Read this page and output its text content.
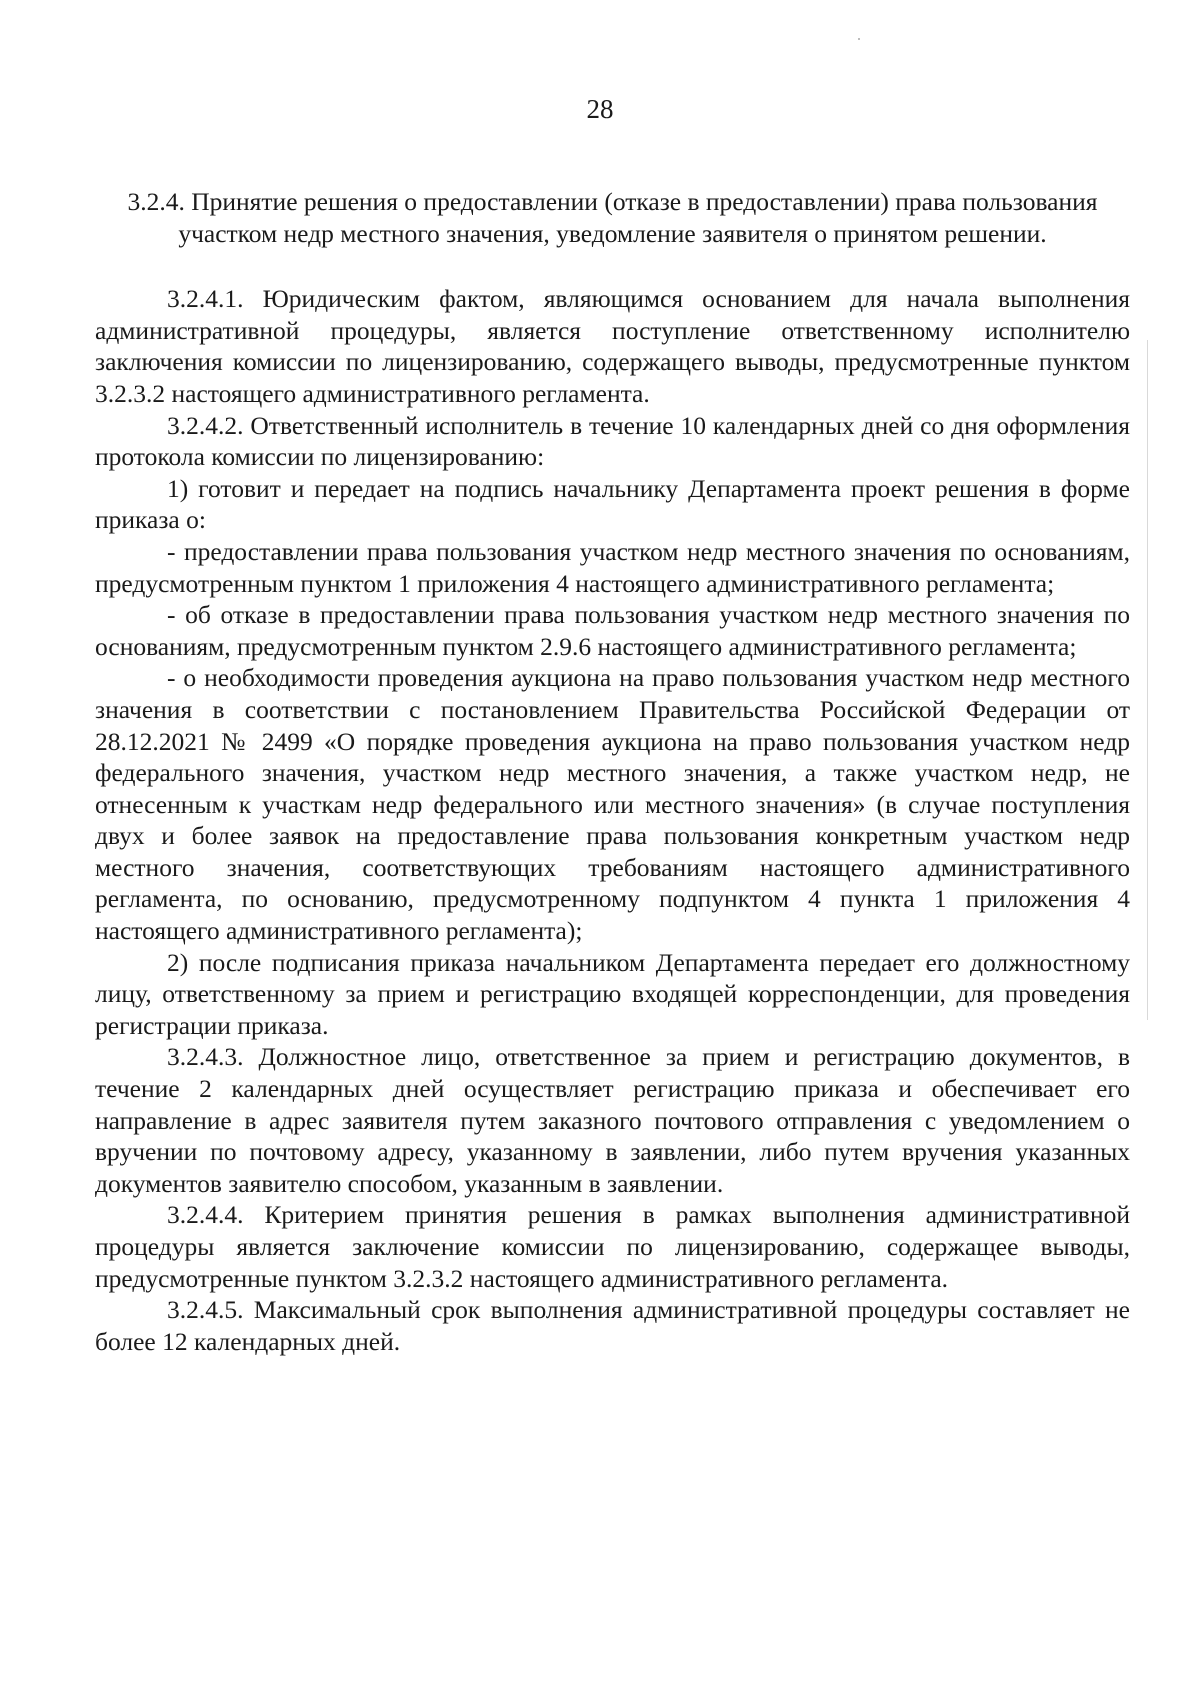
28

3.2.4. Принятие решения о предоставлении (отказе в предоставлении) права пользования участком недр местного значения, уведомление заявителя о принятом решении.

3.2.4.1. Юридическим фактом, являющимся основанием для начала выполнения административной процедуры, является поступление ответственному исполнителю заключения комиссии по лицензированию, содержащего выводы, предусмотренные пунктом 3.2.3.2 настоящего административного регламента.

3.2.4.2. Ответственный исполнитель в течение 10 календарных дней со дня оформления протокола комиссии по лицензированию:

1) готовит и передает на подпись начальнику Департамента проект решения в форме приказа о:

- предоставлении права пользования участком недр местного значения по основаниям, предусмотренным пунктом 1 приложения 4 настоящего административного регламента;

- об отказе в предоставлении права пользования участком недр местного значения по основаниям, предусмотренным пунктом 2.9.6 настоящего административного регламента;

- о необходимости проведения аукциона на право пользования участком недр местного значения в соответствии с постановлением Правительства Российской Федерации от 28.12.2021 № 2499 «О порядке проведения аукциона на право пользования участком недр федерального значения, участком недр местного значения, а также участком недр, не отнесенным к участкам недр федерального или местного значения» (в случае поступления двух и более заявок на предоставление права пользования конкретным участком недр местного значения, соответствующих требованиям настоящего административного регламента, по основанию, предусмотренному подпунктом 4 пункта 1 приложения 4 настоящего административного регламента);

2) после подписания приказа начальником Департамента передает его должностному лицу, ответственному за прием и регистрацию входящей корреспонденции, для проведения регистрации приказа.

3.2.4.3. Должностное лицо, ответственное за прием и регистрацию документов, в течение 2 календарных дней осуществляет регистрацию приказа и обеспечивает его направление в адрес заявителя путем заказного почтового отправления с уведомлением о вручении по почтовому адресу, указанному в заявлении, либо путем вручения указанных документов заявителю способом, указанным в заявлении.

3.2.4.4. Критерием принятия решения в рамках выполнения административной процедуры является заключение комиссии по лицензированию, содержащее выводы, предусмотренные пунктом 3.2.3.2 настоящего административного регламента.

3.2.4.5. Максимальный срок выполнения административной процедуры составляет не более 12 календарных дней.
